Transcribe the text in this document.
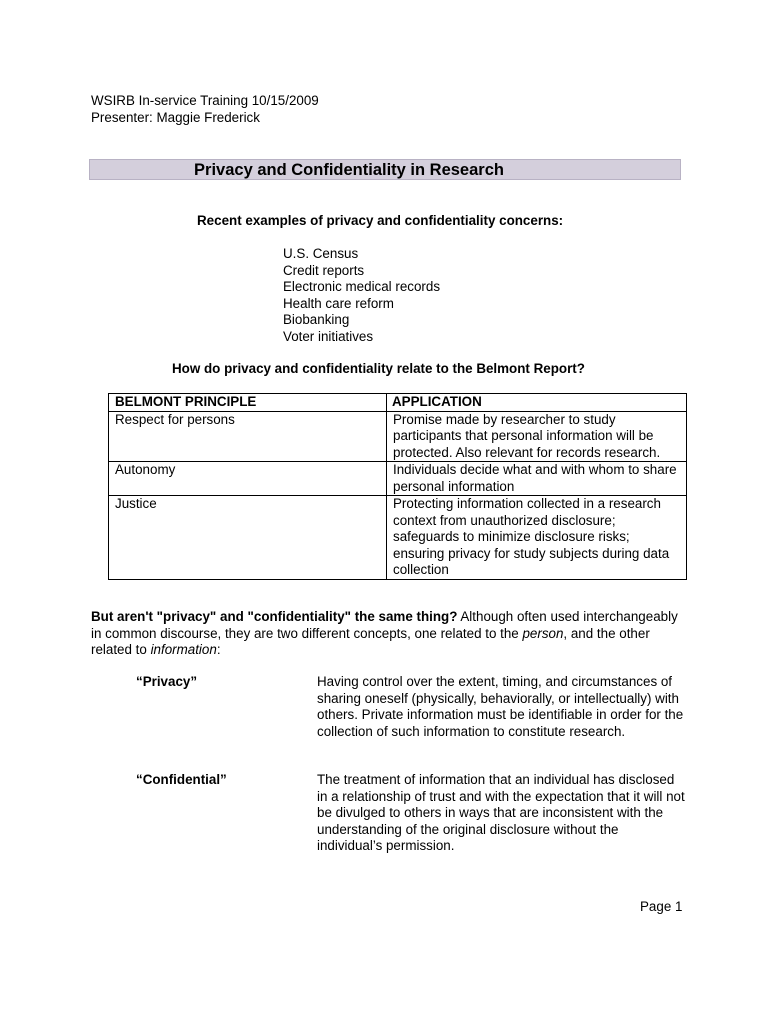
WSIRB In-service Training 10/15/2009
Presenter: Maggie Frederick
Privacy and Confidentiality in Research
Recent examples of privacy and confidentiality concerns:
U.S. Census
Credit reports
Electronic medical records
Health care reform
Biobanking
Voter initiatives
How do privacy and confidentiality relate to the Belmont Report?
BELMONT PRINCIPLE	APPLICATION
Respect for persons	Promise made by researcher to study participants that personal information will be protected. Also relevant for records research.
Autonomy	Individuals decide what and with whom to share personal information
Justice	Protecting information collected in a research context from unauthorized disclosure; safeguards to minimize disclosure risks; ensuring privacy for study subjects during data collection
But aren't "privacy" and "confidentiality" the same thing? Although often used interchangeably in common discourse, they are two different concepts, one related to the person, and the other related to information:
“Privacy”	Having control over the extent, timing, and circumstances of sharing oneself (physically, behaviorally, or intellectually) with others. Private information must be identifiable in order for the collection of such information to constitute research.
“Confidential”	The treatment of information that an individual has disclosed in a relationship of trust and with the expectation that it will not be divulged to others in ways that are inconsistent with the understanding of the original disclosure without the individual’s permission.
Page 1
